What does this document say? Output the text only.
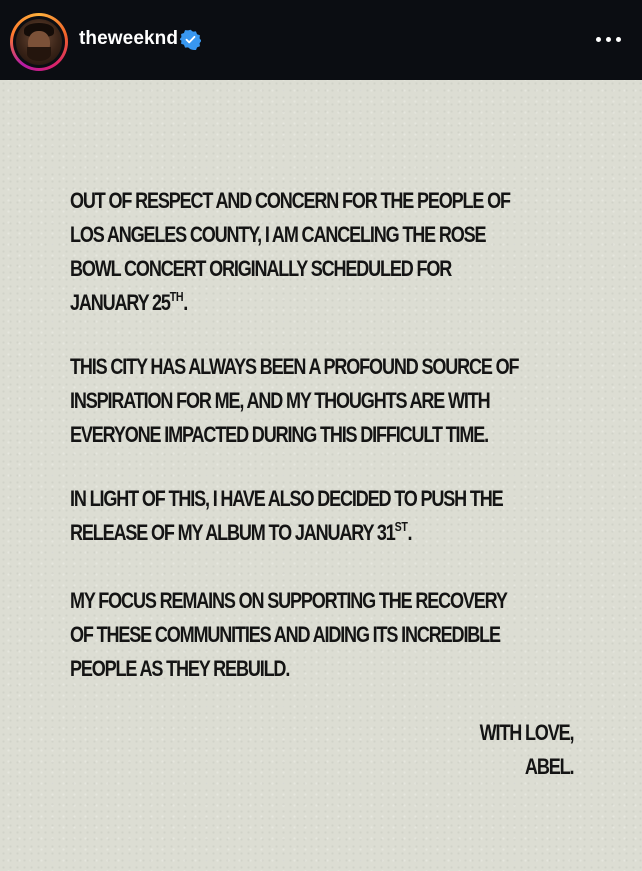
theweeknd
OUT OF RESPECT AND CONCERN FOR THE PEOPLE OF
LOS ANGELES COUNTY, I AM CANCELING THE ROSE
BOWL CONCERT ORIGINALLY SCHEDULED FOR
JANUARY 25TH.
THIS CITY HAS ALWAYS BEEN A PROFOUND SOURCE OF
INSPIRATION FOR ME, AND MY THOUGHTS ARE WITH
EVERYONE IMPACTED DURING THIS DIFFICULT TIME.
IN LIGHT OF THIS, I HAVE ALSO DECIDED TO PUSH THE
RELEASE OF MY ALBUM TO JANUARY 31ST.
MY FOCUS REMAINS ON SUPPORTING THE RECOVERY
OF THESE COMMUNITIES AND AIDING ITS INCREDIBLE
PEOPLE AS THEY REBUILD.
WITH LOVE,
ABEL.
